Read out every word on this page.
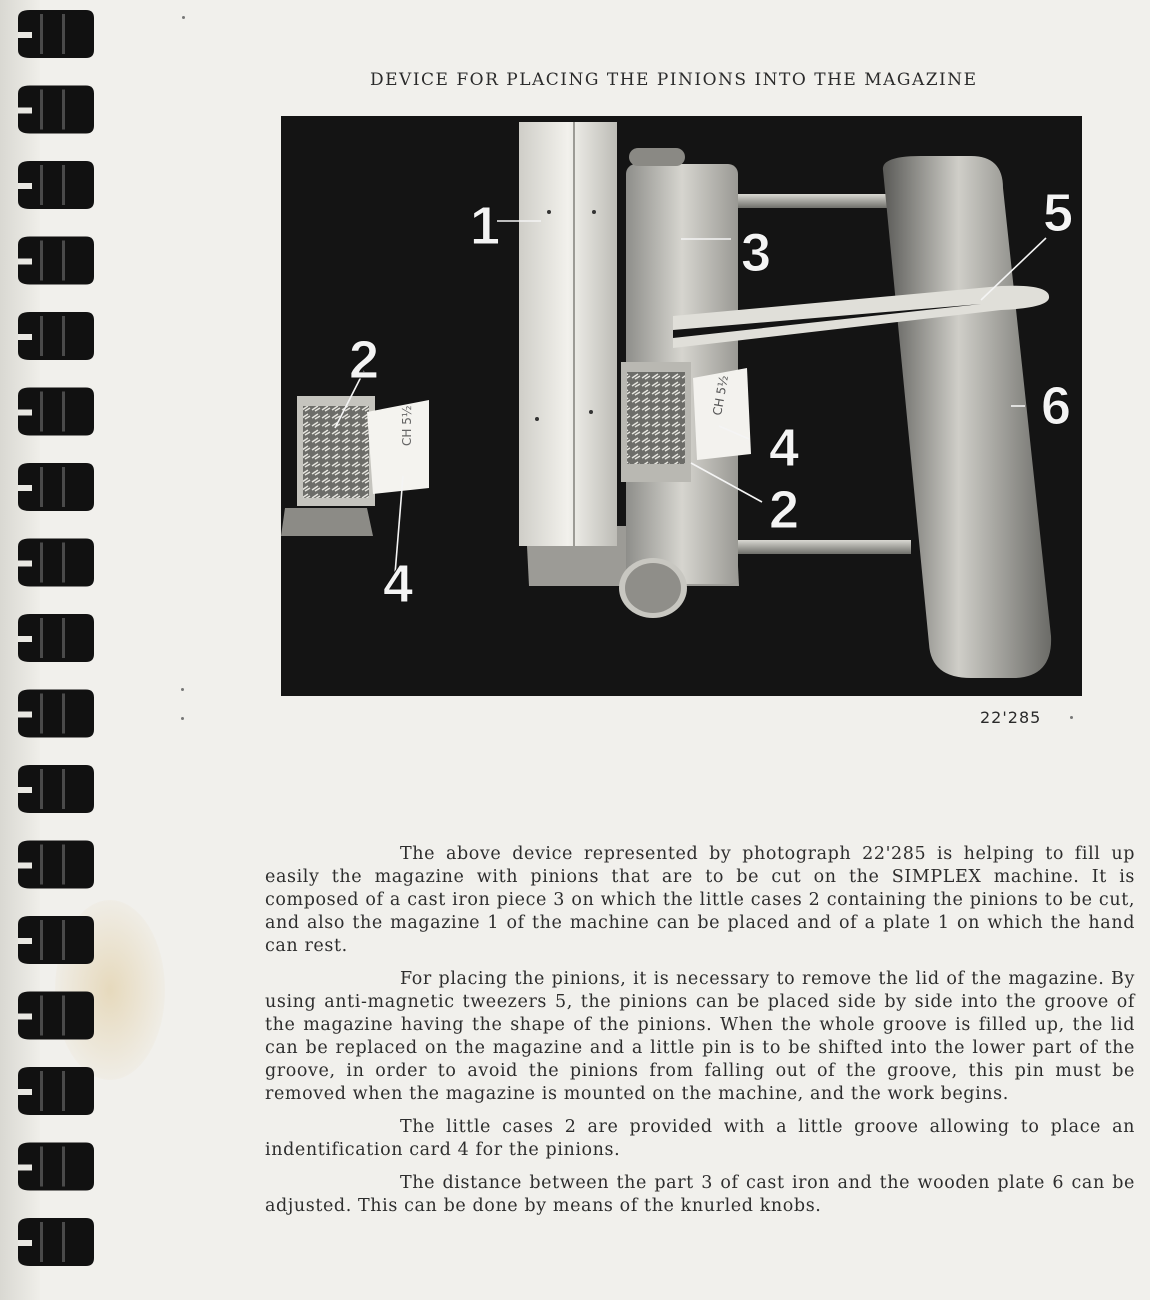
DEVICE FOR PLACING THE PINIONS INTO THE MAGAZINE
CH 5½
CH 5½
1	3
2
4
4
2
5
6
22'285

The above device represented by photograph 22'285 is helping to fill up easily the magazine with pinions that are to be cut on the SIMPLEX machine. It is composed of a cast iron piece 3 on which the little cases 2 containing the pinions to be cut, and also the magazine 1 of the machine can be placed and of a plate 1 on which the hand can rest.

For placing the pinions, it is necessary to remove the lid of the magazine. By using anti-magnetic tweezers 5, the pinions can be placed side by side into the groove of the magazine having the shape of the pinions. When the whole groove is filled up, the lid can be replaced on the magazine and a little pin is to be shifted into the lower part of the groove, in order to avoid the pinions from falling out of the groove, this pin must be removed when the magazine is mounted on the machine, and the work begins.

The little cases 2 are provided with a little groove allowing to place an indentification card 4 for the pinions.

The distance between the part 3 of cast iron and the wooden plate 6 can be adjusted. This can be done by means of the knurled knobs.
